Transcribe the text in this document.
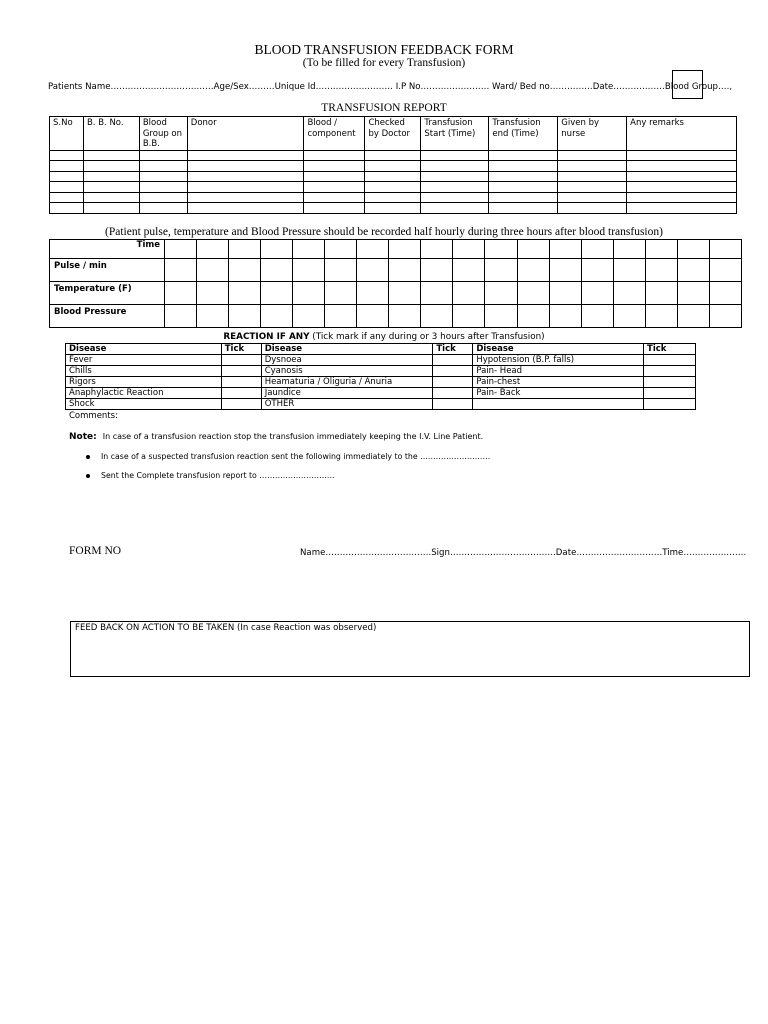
BLOOD TRANSFUSION FEEDBACK FORM
(To be filled for every Transfusion)
Patients Name………………………………Age/Sex………Unique Id……………………… I.P No…………………… Ward/ Bed no……………Date………………Blood Group….,
TRANSFUSION REPORT
S.No	B. B. No.	Blood Group on B.B.	Donor	Blood / component	Checked by Doctor	Transfusion Start (Time)	Transfusion end (Time)	Given by nurse	Any remarks

(Patient pulse, temperature and Blood Pressure should be recorded half hourly during three hours after blood transfusion)
Time																		
Pulse / min																		
Temperature (F)																		
Blood Pressure																		
REACTION IF ANY (Tick mark if any during or 3 hours after Transfusion)
Disease	Tick	Disease	Tick	Disease	Tick
Fever		Dysnoea		Hypotension (B.P. falls)	
Chills		Cyanosis		Pain- Head	
Rigors		Heamaturia / Oliguria / Anuria		Pain-chest	
Anaphylactic Reaction		Jaundice		Pain- Back	
Shock		OTHER			
Comments:
Note: In case of a transfusion reaction stop the transfusion immediately keeping the I.V. Line Patient.
In case of a suspected transfusion reaction sent the following immediately to the ………………………
Sent the Complete transfusion report to ………………………..
FORM NO	Name……………………………….Sign……………………………….Date…………………………Time………………….
FEED BACK ON ACTION TO BE TAKEN (In case Reaction was observed)
